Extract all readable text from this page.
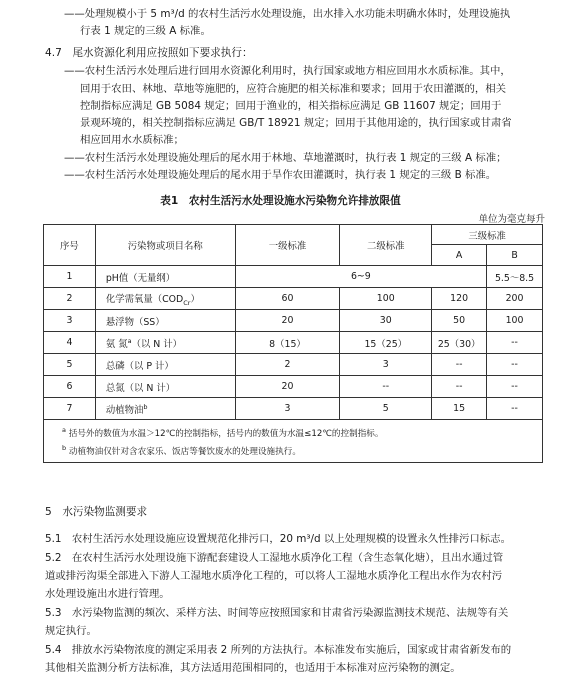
——处理规模小于 5 m³/d 的农村生活污水处理设施，出水排入水功能未明确水体时，处理设施执
行表 1 规定的三级 A 标准。
4.7　尾水资源化利用应按照如下要求执行：
——农村生活污水处理后进行回用水资源化利用时，执行国家或地方相应回用水水质标准。其中，
回用于农田、林地、草地等施肥的，应符合施肥的相关标准和要求；回用于农田灌溉的，相关
控制指标应满足 GB 5084 规定；回用于渔业的，相关指标应满足 GB 11607 规定；回用于
景观环境的，相关控制指标应满足 GB/T 18921 规定；回用于其他用途的，执行国家或甘肃省
相应回用水水质标准；
——农村生活污水处理设施处理后的尾水用于林地、草地灌溉时，执行表 1 规定的三级 A 标准；
——农村生活污水处理设施处理后的尾水用于旱作农田灌溉时，执行表 1 规定的三级 B 标准。
表1　农村生活污水处理设施水污染物允许排放限值
单位为毫克每升
序号	污染物或项目名称	一级标准	二级标准	三级标准	
				A	B
1	pH值（无量纲）	6~9			5.5～8.5
2	化学需氧量$(COD_{Cr})$	60	100	120	200
3	悬浮物（SS）	20	30	50	100
4	氨 氮$^a$（以 N 计）	8（15）	15（25）	25（30）	--
5	总磷（以 P 计）	2	3	--	--
6	总氮（以 N 计）	20	--	--	--
7	动植物油$^b$	3	5	15	--

$^a$ 括号外的数值为水温＞12℃的控制指标，括号内的数值为水温≤12℃的控制指标。
$^b$ 动植物油仅针对含农家乐、饭店等餐饮废水的处理设施执行。					
5　水污染物监测要求
5.1　农村生活污水处理设施应设置规范化排污口，20 m³/d 以上处理规模的设置永久性排污口标志。
5.2　在农村生活污水处理设施下游配套建设人工湿地水质净化工程（含生态氧化塘），且出水通过管
道或排污沟渠全部进入下游人工湿地水质净化工程的，可以将人工湿地水质净化工程出水作为农村污
水处理设施出水进行管理。
5.3　水污染物监测的频次、采样方法、时间等应按照国家和甘肃省污染源监测技术规范、法规等有关
规定执行。
5.4　排放水污染物浓度的测定采用表 2 所列的方法执行。本标准发布实施后，国家或甘肃省新发布的
其他相关监测分析方法标准，其方法适用范围相同的，也适用于本标准对应污染物的测定。
